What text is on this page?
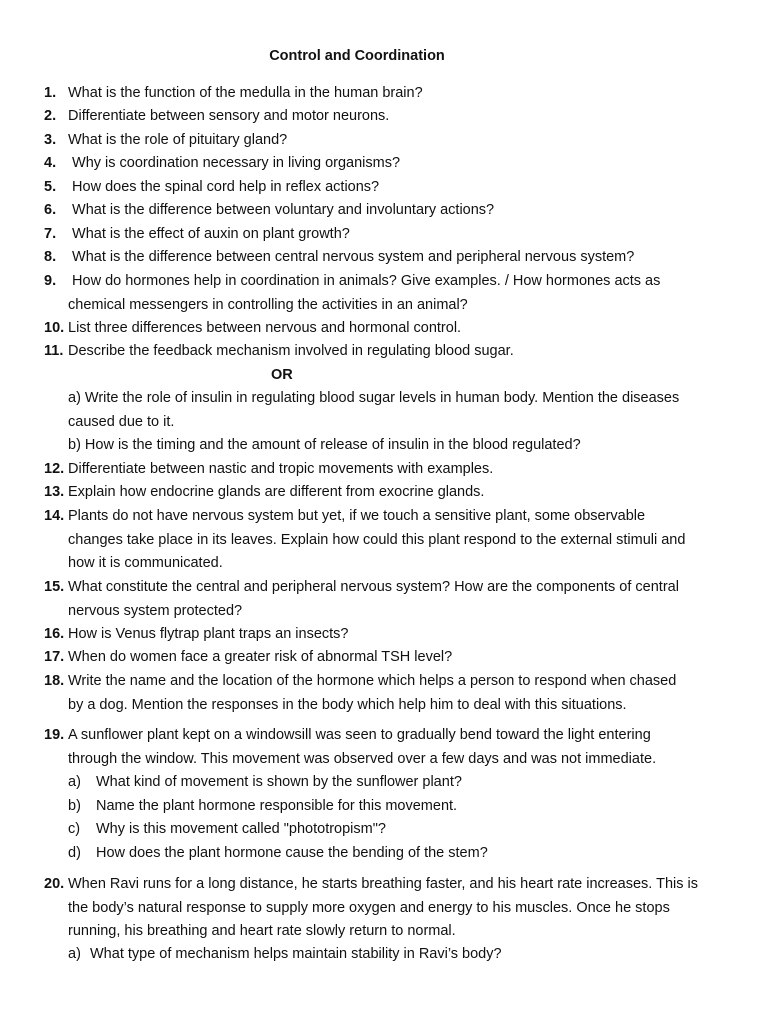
Control and Coordination
1. What is the function of the medulla in the human brain?
2. Differentiate between sensory and motor neurons.
3. What is the role of pituitary gland?
4. Why is coordination necessary in living organisms?
5. How does the spinal cord help in reflex actions?
6. What is the difference between voluntary and involuntary actions?
7. What is the effect of auxin on plant growth?
8. What is the difference between central nervous system and peripheral nervous system?
9. How do hormones help in coordination in animals? Give examples. / How hormones acts as
chemical messengers in controlling the activities in an animal?
10. List three differences between nervous and hormonal control.
11. Describe the feedback mechanism involved in regulating blood sugar.
OR
a) Write the role of insulin in regulating blood sugar levels in human body. Mention the diseases
caused due to it.
b) How is the timing and the amount of release of insulin in the blood regulated?
12. Differentiate between nastic and tropic movements with examples.
13. Explain how endocrine glands are different from exocrine glands.
14. Plants do not have nervous system but yet, if we touch a sensitive plant, some observable
changes take place in its leaves. Explain how could this plant respond to the external stimuli and
how it is communicated.
15. What constitute the central and peripheral nervous system? How are the components of central
nervous system protected?
16. How is Venus flytrap plant traps an insects?
17. When do women face a greater risk of abnormal TSH level?
18. Write the name and the location of the hormone which helps a person to respond when chased
by a dog. Mention the responses in the body which help him to deal with this situations.
19. A sunflower plant kept on a windowsill was seen to gradually bend toward the light entering
through the window. This movement was observed over a few days and was not immediate.
a) What kind of movement is shown by the sunflower plant?
b) Name the plant hormone responsible for this movement.
c) Why is this movement called "phototropism"?
d) How does the plant hormone cause the bending of the stem?
20. When Ravi runs for a long distance, he starts breathing faster, and his heart rate increases. This is
the body’s natural response to supply more oxygen and energy to his muscles. Once he stops
running, his breathing and heart rate slowly return to normal.
a) What type of mechanism helps maintain stability in Ravi’s body?
